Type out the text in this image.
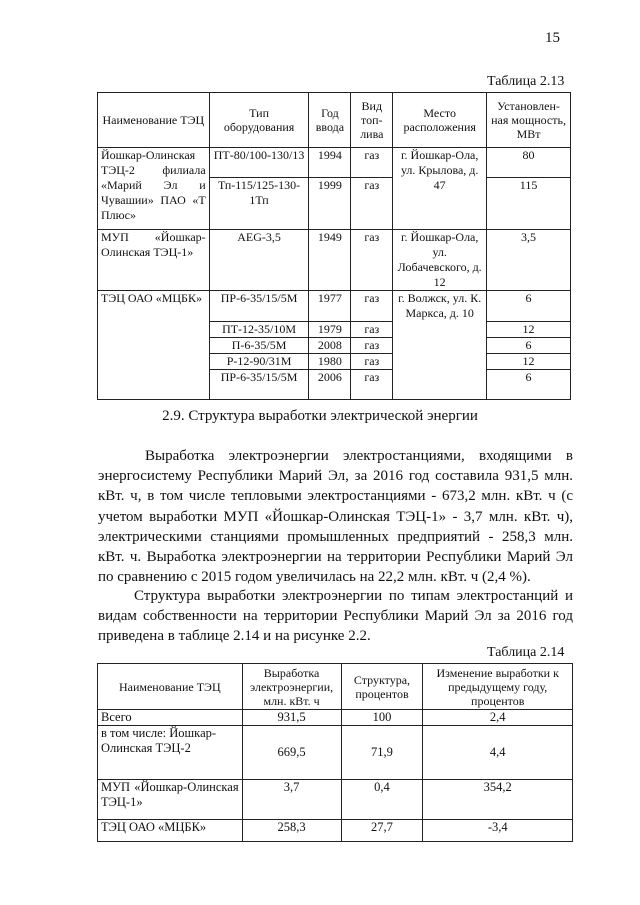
15
Таблица 2.13
Наименование ТЭЦ	Тип оборудования	Год ввода	Вид топ-лива	Место расположения	Установлен-ная мощность, МВт
Йошкар-Олинская ТЭЦ-2 филиала «Марий Эл и Чувашии» ПАО «Т Плюс»	ПТ-80/100-130/13	1994	газ	г. Йошкар-Ола, ул. Крылова, д. 47	80
	Тп-115/125-130-1Тп	1999	газ		115
МУП «Йошкар-Олинская ТЭЦ-1»	AEG-3,5	1949	газ	г. Йошкар-Ола, ул. Лобачевского, д. 12	3,5
ТЭЦ ОАО «МЦБК»	ПР-6-35/15/5М	1977	газ	г. Волжск, ул. К. Маркса, д. 10	6
	ПТ-12-35/10М	1979	газ		12
	П-6-35/5М	2008	газ		6
	Р-12-90/31М	1980	газ		12
	ПР-6-35/15/5М	2006	газ		6
2.9. Структура выработки электрической энергии

Выработка электроэнергии электростанциями, входящими в энергосистему Республики Марий Эл, за 2016 год составила 931,5 млн. кВт. ч, в том числе тепловыми электростанциями - 673,2 млн. кВт. ч (с учетом выработки МУП «Йошкар-Олинская ТЭЦ-1» - 3,7 млн. кВт. ч), электрическими станциями промышленных предприятий - 258,3 млн. кВт. ч. Выработка электроэнергии на территории Республики Марий Эл по сравнению с 2015 годом увеличилась на 22,2 млн. кВт. ч (2,4 %).

Структура выработки электроэнергии по типам электростанций и видам собственности на территории Республики Марий Эл за 2016 год приведена в таблице 2.14 и на рисунке 2.2.

Таблица 2.14
Наименование ТЭЦ	Выработка электроэнергии, млн. кВт. ч	Структура, процентов	Изменение выработки к предыдущему году, процентов
Всего	931,5	100	2,4
в том числе: Йошкар-Олинская ТЭЦ-2	669,5	71,9	4,4
МУП «Йошкар-Олинская ТЭЦ-1»	3,7	0,4	354,2
ТЭЦ ОАО «МЦБК»	258,3	27,7	-3,4
